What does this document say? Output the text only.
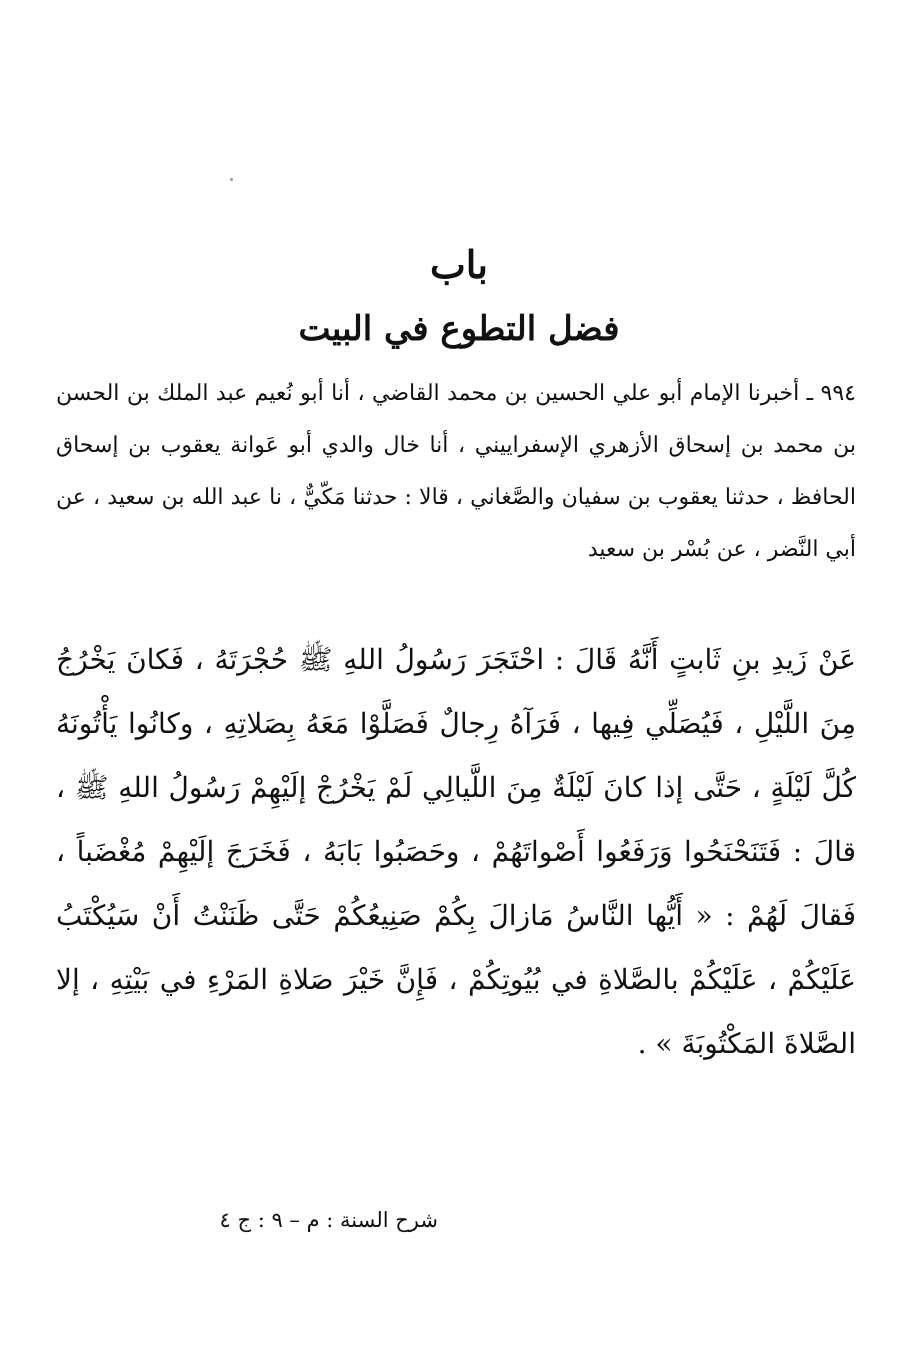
باب
فضل التطوع في البيت

٩٩٤ ـ أخبرنا الإمام أبو علي الحسين بن محمد القاضي ، أنا أبو نُعيم عبد الملك بن الحسن بن محمد بن إسحاق الأزهري الإسفراييني ، أنا خال والدي أبو عَوانة يعقوب بن إسحاق الحافظ ، حدثنا يعقوب بن سفيان والصَّغاني ، قالا : حدثنا مَكّيٌّ ، نا عبد الله بن سعيد ، عن أبي النَّضر ، عن بُسْر بن سعيد

عَنْ زَيدِ بنِ ثَابتٍ أَنَّهُ قَالَ : احْتَجَرَ رَسُولُ اللهِ ﷺ حُجْرَتَهُ ، فَكانَ يَخْرُجُ مِنَ اللَّيْلِ ، فَيُصَلِّي فِيها ، فَرَآهُ رِجالٌ فَصَلَّوْا مَعَهُ بِصَلاتِهِ ، وكانُوا يَأْتُونَهُ كُلَّ لَيْلَةٍ ، حَتَّى إذا كانَ لَيْلَةٌ مِنَ اللَّيالِي لَمْ يَخْرُجْ إلَيْهِمْ رَسُولُ اللهِ ﷺ ، قالَ : فَتَنَحْنَحُوا وَرَفَعُوا أَصْواتَهُمْ ، وحَصَبُوا بَابَهُ ، فَخَرَجَ إلَيْهِمْ مُغْضَباً ، فَقالَ لَهُمْ : « أَيُّها النَّاسُ مَازالَ بِكُمْ صَنِيعُكُمْ حَتَّى ظَنَنْتُ أَنْ سَيُكْتَبُ عَلَيْكُمْ ، عَلَيْكُمْ بالصَّلاةِ في بُيُوتِكُمْ ، فَإِنَّ خَيْرَ صَلاةِ المَرْءِ في بَيْتِهِ ، إلا الصَّلاةَ المَكْتُوبَةَ » .

شرح السنة : م – ٩ : ج ٤
